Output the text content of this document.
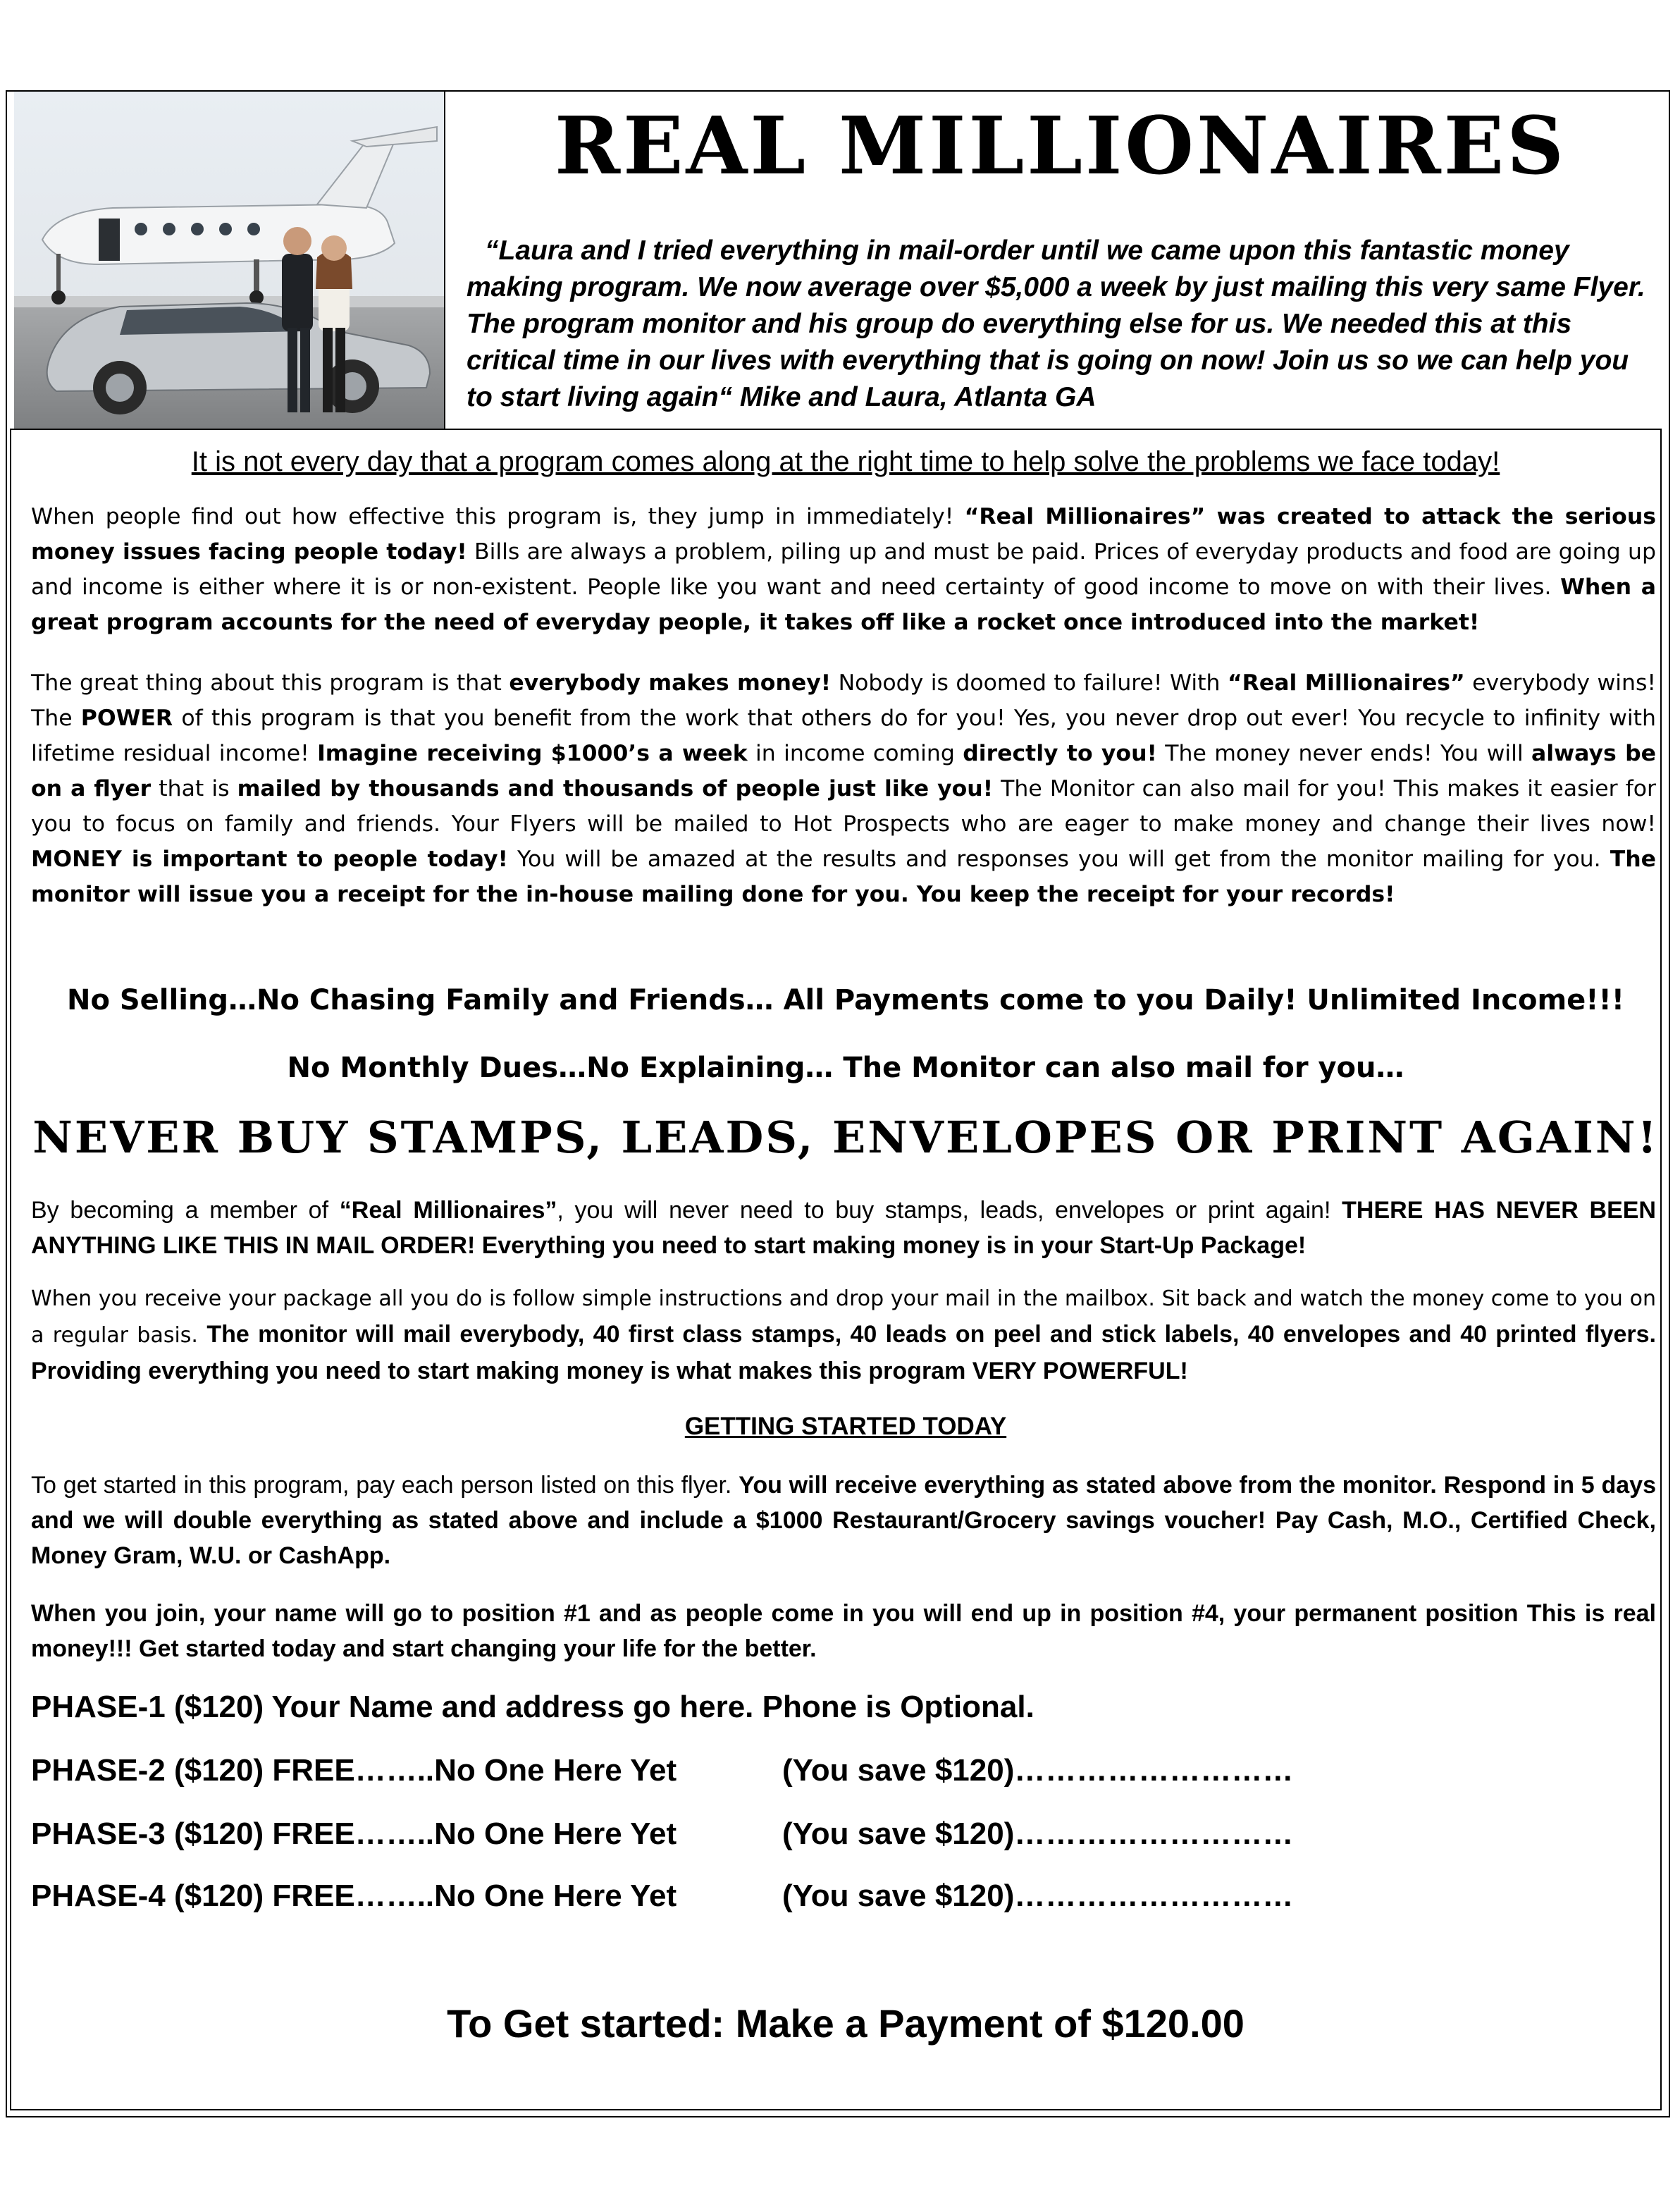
REAL MILLIONAIRES

“Laura and I tried everything in mail-order until we came upon this fantastic money making program. We now average over $5,000 a week by just mailing this very same Flyer. The program monitor and his group do everything else for us. We needed this at this critical time in our lives with everything that is going on now! Join us so we can help you to start living again“ Mike and Laura, Atlanta GA

It is not every day that a program comes along at the right time to help solve the problems we face today!

When people find out how effective this program is, they jump in immediately! “Real Millionaires” was created to attack the serious money issues facing people today! Bills are always a problem, piling up and must be paid. Prices of everyday products and food are going up and income is either where it is or non-existent. People like you want and need certainty of good income to move on with their lives. When a great program accounts for the need of everyday people, it takes off like a rocket once introduced into the market!

The great thing about this program is that everybody makes money! Nobody is doomed to failure! With “Real Millionaires” everybody wins! The POWER of this program is that you benefit from the work that others do for you! Yes, you never drop out ever! You recycle to infinity with lifetime residual income! Imagine receiving $1000’s a week in income coming directly to you! The money never ends! You will always be on a flyer that is mailed by thousands and thousands of people just like you! The Monitor can also mail for you! This makes it easier for you to focus on family and friends. Your Flyers will be mailed to Hot Prospects who are eager to make money and change their lives now! MONEY is important to people today! You will be amazed at the results and responses you will get from the monitor mailing for you. The monitor will issue you a receipt for the in-house mailing done for you. You keep the receipt for your records!

No Selling…No Chasing Family and Friends… All Payments come to you Daily! Unlimited Income!!!

No Monthly Dues…No Explaining… The Monitor can also mail for you…

NEVER BUY STAMPS, LEADS, ENVELOPES OR PRINT AGAIN!

By becoming a member of “Real Millionaires”, you will never need to buy stamps, leads, envelopes or print again! THERE HAS NEVER BEEN ANYTHING LIKE THIS IN MAIL ORDER! Everything you need to start making money is in your Start-Up Package!

When you receive your package all you do is follow simple instructions and drop your mail in the mailbox. Sit back and watch the money come to you on a regular basis. The monitor will mail everybody, 40 first class stamps, 40 leads on peel and stick labels, 40 envelopes and 40 printed flyers. Providing everything you need to start making money is what makes this program VERY POWERFUL!

GETTING STARTED TODAY

To get started in this program, pay each person listed on this flyer. You will receive everything as stated above from the monitor. Respond in 5 days and we will double everything as stated above and include a $1000 Restaurant/Grocery savings voucher! Pay Cash, M.O., Certified Check, Money Gram, W.U. or CashApp.

When you join, your name will go to position #1 and as people come in you will end up in position #4, your permanent position This is real money!!! Get started today and start changing your life for the better.

PHASE-1 ($120) Your Name and address go here. Phone is Optional.

PHASE-2 ($120) FREE……..No One Here Yet	(You save $120)………………………

PHASE-3 ($120) FREE……..No One Here Yet	(You save $120)………………………

PHASE-4 ($120) FREE……..No One Here Yet	(You save $120)………………………

To Get started: Make a Payment of $120.00
